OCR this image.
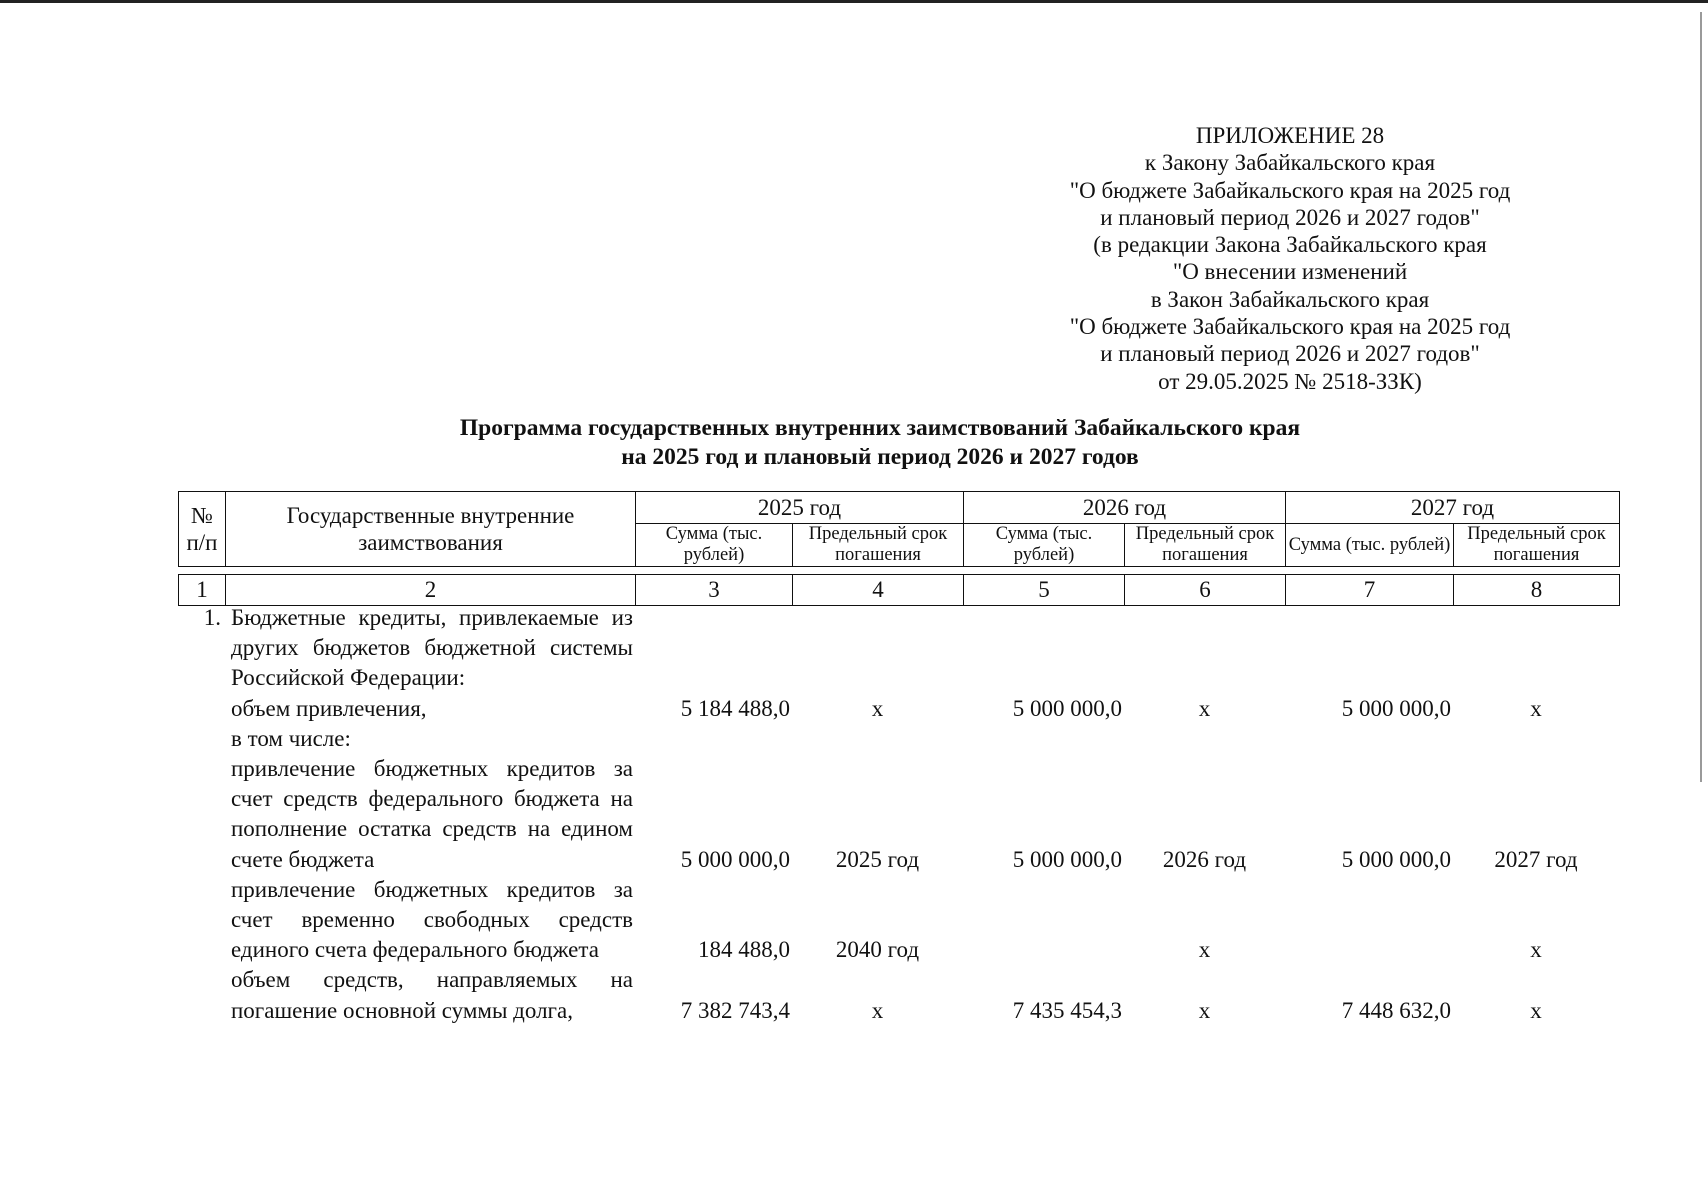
ПРИЛОЖЕНИЕ 28
к Закону Забайкальского края
"О бюджете Забайкальского края на 2025 год
и плановый период 2026 и 2027 годов"
(в редакции Закона Забайкальского края
"О внесении изменений
в Закон Забайкальского края
"О бюджете Забайкальского края на 2025 год
и плановый период 2026 и 2027 годов"
от 29.05.2025 № 2518-ЗЗК)
Программа государственных внутренних заимствований Забайкальского края
на 2025 год и плановый период 2026 и 2027 годов
№ п/п	Государственные внутренние заимствования	2025 год		2026 год		2027 год	
		Сумма (тыс. рублей)	Предельный срок погашения	Сумма (тыс. рублей)	Предельный срок погашения	Сумма (тыс. рублей)	Предельный срок погашения

1	2	3	4	5	6	7	8
1.	Бюджетные кредиты, привлекаемые из других бюджетов бюджетной системы Российской Федерации:						
	объем привлечения,	5 184 488,0	х	5 000 000,0	х	5 000 000,0	х
	в том числе:						
	привлечение бюджетных кредитов за счет средств федерального бюджета на пополнение остатка средств на едином счете бюджета	5 000 000,0	2025 год	5 000 000,0	2026 год	5 000 000,0	2027 год
	привлечение бюджетных кредитов за счет временно свободных средств единого счета федерального бюджета	184 488,0	2040 год		х		х
	объем средств, направляемых на погашение основной суммы долга,	7 382 743,4	х	7 435 454,3	х	7 448 632,0	х
